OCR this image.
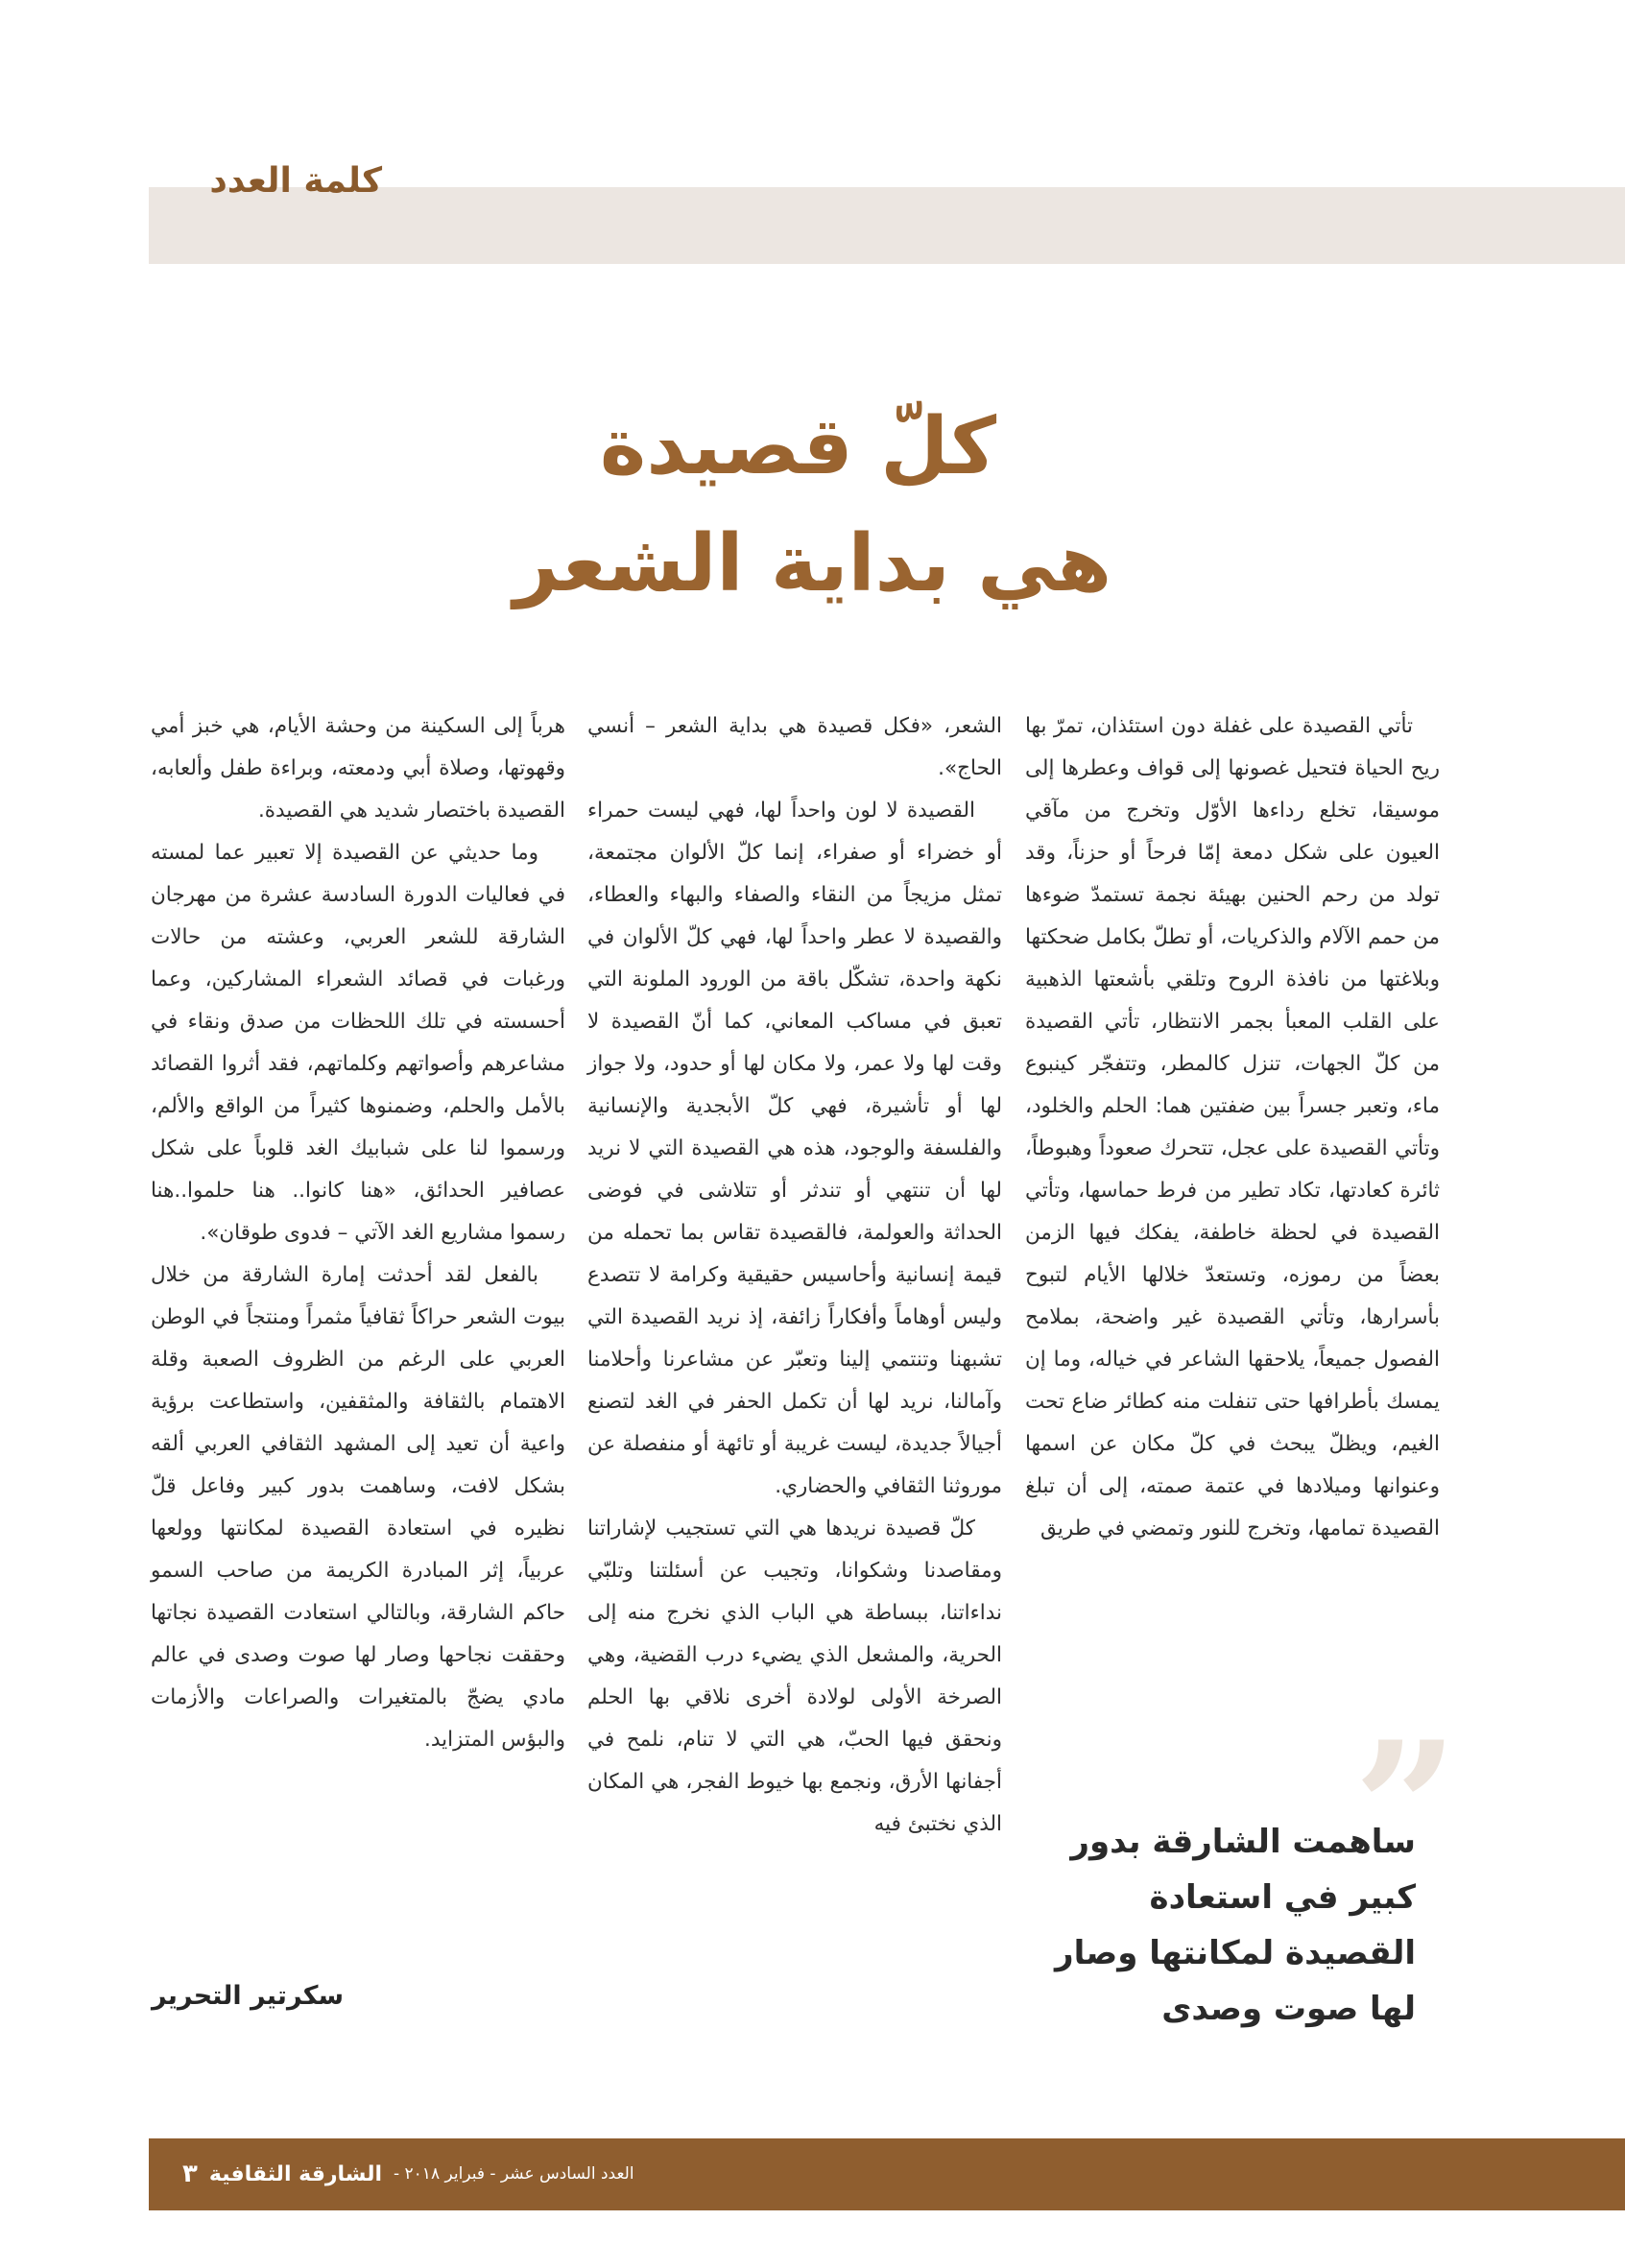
كلمة العدد
كلّ قصيدة
هي بداية الشعر

تأتي القصيدة على غفلة دون استئذان، تمرّ بها ريح الحياة فتحيل غصونها إلى قواف وعطرها إلى موسيقا، تخلع رداءها الأوّل وتخرج من مآقي العيون على شكل دمعة إمّا فرحاً أو حزناً، وقد تولد من رحم الحنين بهيئة نجمة تستمدّ ضوءها من حمم الآلام والذكريات، أو تطلّ بكامل ضحكتها وبلاغتها من نافذة الروح وتلقي بأشعتها الذهبية على القلب المعبأ بجمر الانتظار، تأتي القصيدة من كلّ الجهات، تنزل كالمطر، وتتفجّر كينبوع ماء، وتعبر جسراً بين ضفتين هما: الحلم والخلود، وتأتي القصيدة على عجل، تتحرك صعوداً وهبوطاً، ثائرة كعادتها، تكاد تطير من فرط حماسها، وتأتي القصيدة في لحظة خاطفة، يفكك فيها الزمن بعضاً من رموزه، وتستعدّ خلالها الأيام لتبوح بأسرارها، وتأتي القصيدة غير واضحة، بملامح الفصول جميعاً، يلاحقها الشاعر في خياله، وما إن يمسك بأطرافها حتى تنفلت منه كطائر ضاع تحت الغيم، ويظلّ يبحث في كلّ مكان عن اسمها وعنوانها وميلادها في عتمة صمته، إلى أن تبلغ القصيدة تمامها، وتخرج للنور وتمضي في طريق

الشعر، «فكل قصيدة هي بداية الشعر – أنسي الحاج».

القصيدة لا لون واحداً لها، فهي ليست حمراء أو خضراء أو صفراء، إنما كلّ الألوان مجتمعة، تمثل مزيجاً من النقاء والصفاء والبهاء والعطاء، والقصيدة لا عطر واحداً لها، فهي كلّ الألوان في نكهة واحدة، تشكّل باقة من الورود الملونة التي تعبق في مساكب المعاني، كما أنّ القصيدة لا وقت لها ولا عمر، ولا مكان لها أو حدود، ولا جواز لها أو تأشيرة، فهي كلّ الأبجدية والإنسانية والفلسفة والوجود، هذه هي القصيدة التي لا نريد لها أن تنتهي أو تندثر أو تتلاشى في فوضى الحداثة والعولمة، فالقصيدة تقاس بما تحمله من قيمة إنسانية وأحاسيس حقيقية وكرامة لا تتصدع وليس أوهاماً وأفكاراً زائفة، إذ نريد القصيدة التي تشبهنا وتنتمي إلينا وتعبّر عن مشاعرنا وأحلامنا وآمالنا، نريد لها أن تكمل الحفر في الغد لتصنع أجيالاً جديدة، ليست غريبة أو تائهة أو منفصلة عن موروثنا الثقافي والحضاري.

كلّ قصيدة نريدها هي التي تستجيب لإشاراتنا ومقاصدنا وشكوانا، وتجيب عن أسئلتنا وتلبّي نداءاتنا، ببساطة هي الباب الذي نخرج منه إلى الحرية، والمشعل الذي يضيء درب القضية، وهي الصرخة الأولى لولادة أخرى نلاقي بها الحلم ونحقق فيها الحبّ، هي التي لا تنام، نلمح في أجفانها الأرق، ونجمع بها خيوط الفجر، هي المكان الذي نختبئ فيه

هرباً إلى السكينة من وحشة الأيام، هي خبز أمي وقهوتها، وصلاة أبي ودمعته، وبراءة طفل وألعابه، القصيدة باختصار شديد هي القصيدة.

وما حديثي عن القصيدة إلا تعبير عما لمسته في فعاليات الدورة السادسة عشرة من مهرجان الشارقة للشعر العربي، وعشته من حالات ورغبات في قصائد الشعراء المشاركين، وعما أحسسته في تلك اللحظات من صدق ونقاء في مشاعرهم وأصواتهم وكلماتهم، فقد أثروا القصائد بالأمل والحلم، وضمنوها كثيراً من الواقع والألم، ورسموا لنا على شبابيك الغد قلوباً على شكل عصافير الحدائق، «هنا كانوا.. هنا حلموا..هنا رسموا مشاريع الغد الآتي – فدوى طوقان».

بالفعل لقد أحدثت إمارة الشارقة من خلال بيوت الشعر حراكاً ثقافياً مثمراً ومنتجاً في الوطن العربي على الرغم من الظروف الصعبة وقلة الاهتمام بالثقافة والمثقفين، واستطاعت برؤية واعية أن تعيد إلى المشهد الثقافي العربي ألقه بشكل لافت، وساهمت بدور كبير وفاعل قلّ نظيره في استعادة القصيدة لمكانتها وولعها عربياً، إثر المبادرة الكريمة من صاحب السمو حاكم الشارقة، وبالتالي استعادت القصيدة نجاتها وحققت نجاحها وصار لها صوت وصدى في عالم مادي يضجّ بالمتغيرات والصراعات والأزمات والبؤس المتزايد.	”
ساهمت الشارقة بدور كبير في استعادة القصيدة لمكانتها وصار لها صوت وصدى
سكرتير التحرير
العدد السادس عشر - فبراير ٢٠١٨ -
الشارقة الثقافية
٣
